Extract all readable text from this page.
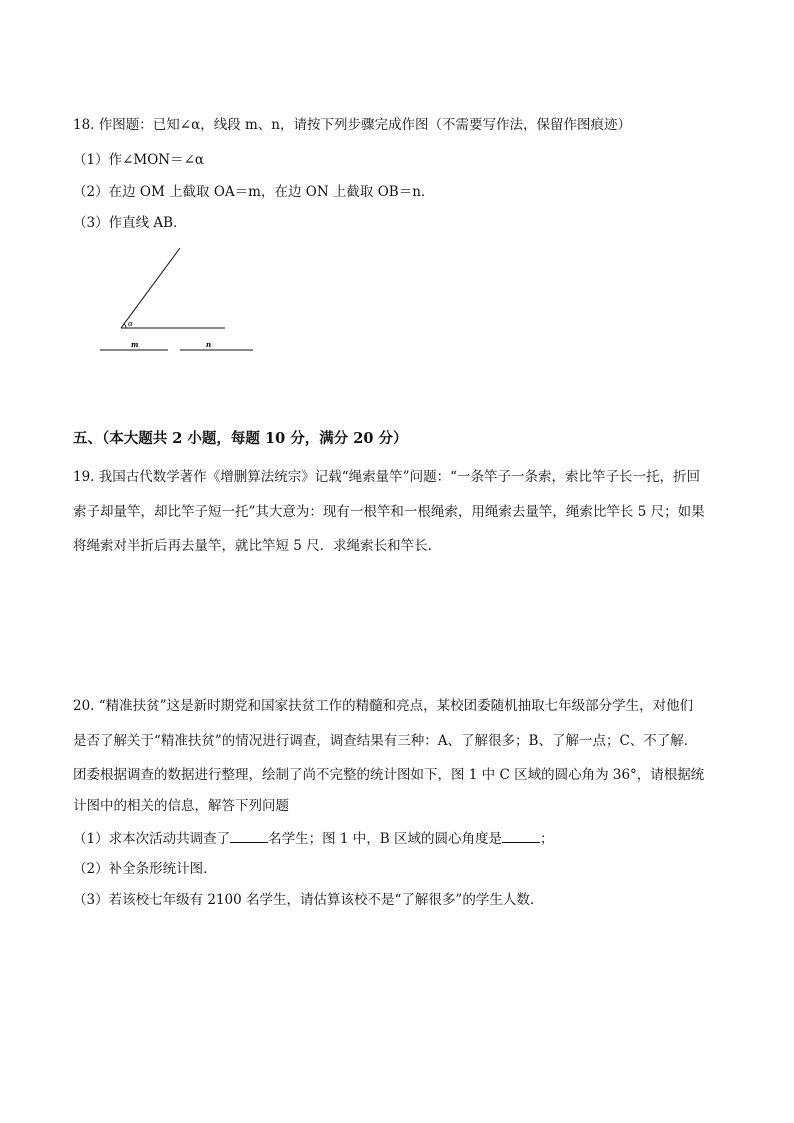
18. 作图题：已知∠α，线段 m、n，请按下列步骤完成作图（不需要写作法，保留作图痕迹）
（1）作∠MON＝∠α
（2）在边 OM 上截取 OA＝m，在边 ON 上截取 OB＝n．
（3）作直线 AB．
α
m	n
五、（本大题共 2 小题，每题 10 分，满分 20 分）
19. 我国古代数学著作《增删算法统宗》记载“绳索量竿”问题：“一条竿子一条索，索比竿子长一托，折回
索子却量竿，却比竿子短一托”其大意为：现有一根竿和一根绳索，用绳索去量竿，绳索比竿长 5 尺；如果
将绳索对半折后再去量竿，就比竿短 5 尺．求绳索长和竿长．
20. “精准扶贫”这是新时期党和国家扶贫工作的精髓和亮点，某校团委随机抽取七年级部分学生，对他们
是否了解关于“精准扶贫”的情况进行调查，调查结果有三种：A、了解很多；B、了解一点；C、不了解．
团委根据调查的数据进行整理，绘制了尚不完整的统计图如下，图 1 中 C 区域的圆心角为 36°，请根据统
计图中的相关的信息，解答下列问题
（1）求本次活动共调查了	名学生；图 1 中，B 区域的圆心角度是	；
（2）补全条形统计图．
（3）若该校七年级有 2100 名学生，请估算该校不是“了解很多”的学生人数．
